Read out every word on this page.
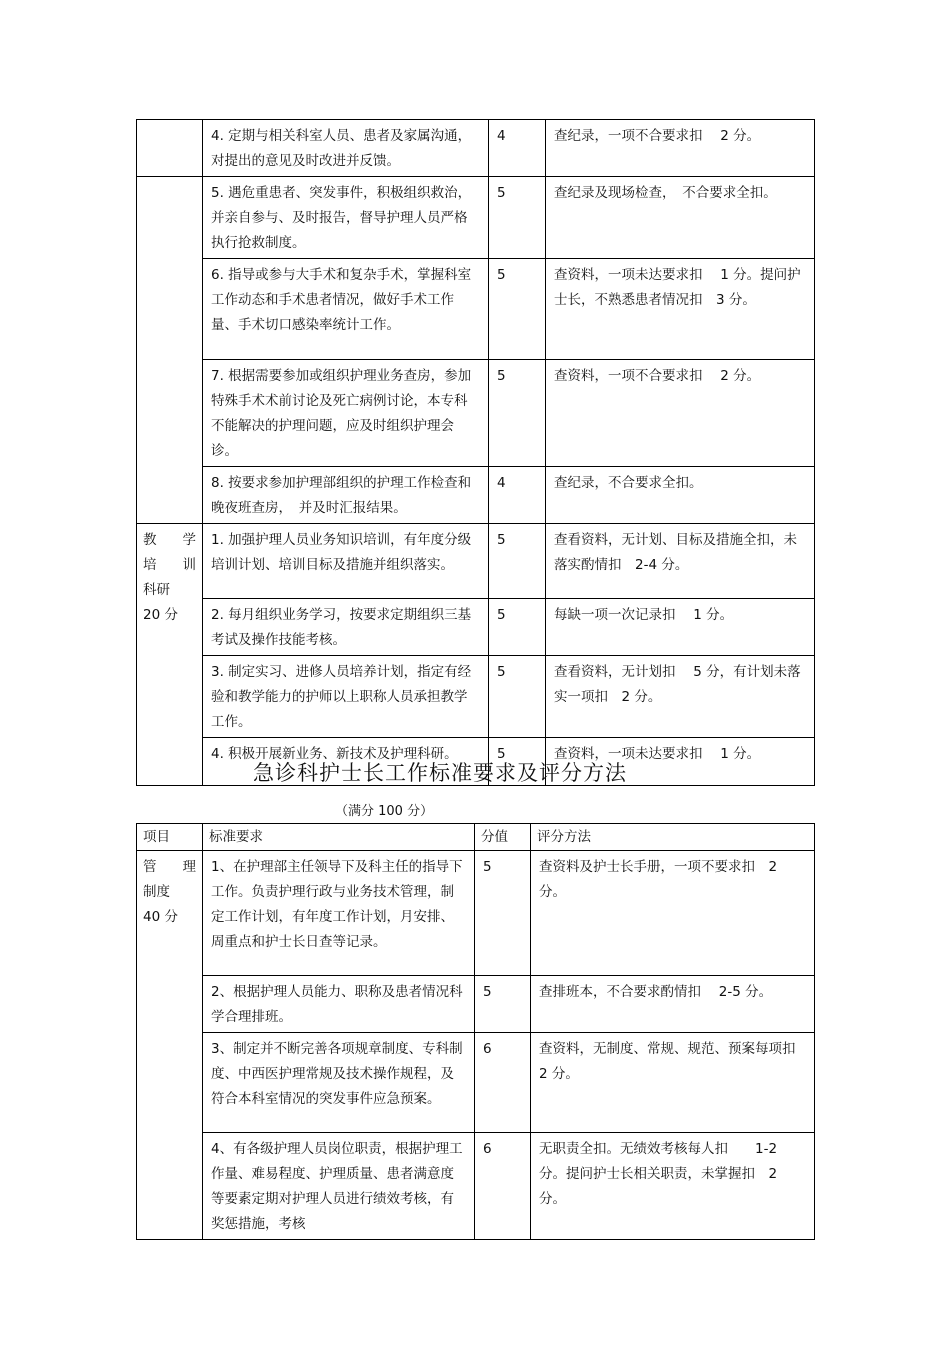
	4. 定期与相关科室人员、患者及家属沟通，对提出的意见及时改进并反馈。	4	查纪录，一项不合要求扣　 2 分。
	5. 遇危重患者、突发事件，积极组织救治，并亲自参与、及时报告，督导护理人员严格执行抢救制度。	5	查纪录及现场检查，　不合要求全扣。
	6. 指导或参与大手术和复杂手术，掌握科室工作动态和手术患者情况，做好手术工作量、手术切口感染率统计工作。	5	查资料，一项未达要求扣　 1 分。提问护士长，不熟悉患者情况扣　3 分。
	7. 根据需要参加或组织护理业务查房，参加特殊手术术前讨论及死亡病例讨论，本专科不能解决的护理问题，应及时组织护理会诊。	5	查资料，一项不合要求扣　 2 分。
	8. 按要求参加护理部组织的护理工作检查和晚夜班查房，　并及时汇报结果。	4	查纪录，不合要求全扣。

教　学
培　训
科研
20 分	1. 加强护理人员业务知识培训，有年度分级培训计划、培训目标及措施并组织落实。	5	查看资料，无计划、目标及措施全扣，未落实酌情扣　2-4 分。
	2. 每月组织业务学习，按要求定期组织三基考试及操作技能考核。	5	每缺一项一次记录扣　 1 分。
	3. 制定实习、进修人员培养计划，指定有经验和教学能力的护师以上职称人员承担教学工作。	5	查看资料，无计划扣　 5 分，有计划未落实一项扣　2 分。
	4. 积极开展新业务、新技术及护理科研。	5	查资料，一项未达要求扣　 1 分。
急诊科护士长工作标准要求及评分方法
（满分 100 分）
项目	标准要求	分值	评分方法

管　理
制度
40 分	1、在护理部主任领导下及科主任的指导下工作。负责护理行政与业务技术管理，制定工作计划，有年度工作计划，月安排、周重点和护士长日查等记录。	5	查资料及护士长手册，一项不要求扣　2 分。
	2、根据护理人员能力、职称及患者情况科学合理排班。	5	查排班本，不合要求酌情扣　 2-5 分。
	3、制定并不断完善各项规章制度、专科制度、中西医护理常规及技术操作规程，及符合本科室情况的突发事件应急预案。	6	查资料，无制度、常规、规范、预案每项扣　2 分。
	4、有各级护理人员岗位职责，根据护理工作量、难易程度、护理质量、患者满意度等要素定期对护理人员进行绩效考核，有奖惩措施，考核	6	无职责全扣。无绩效考核每人扣　　1-2 分。提问护士长相关职责，未掌握扣　2 分。
